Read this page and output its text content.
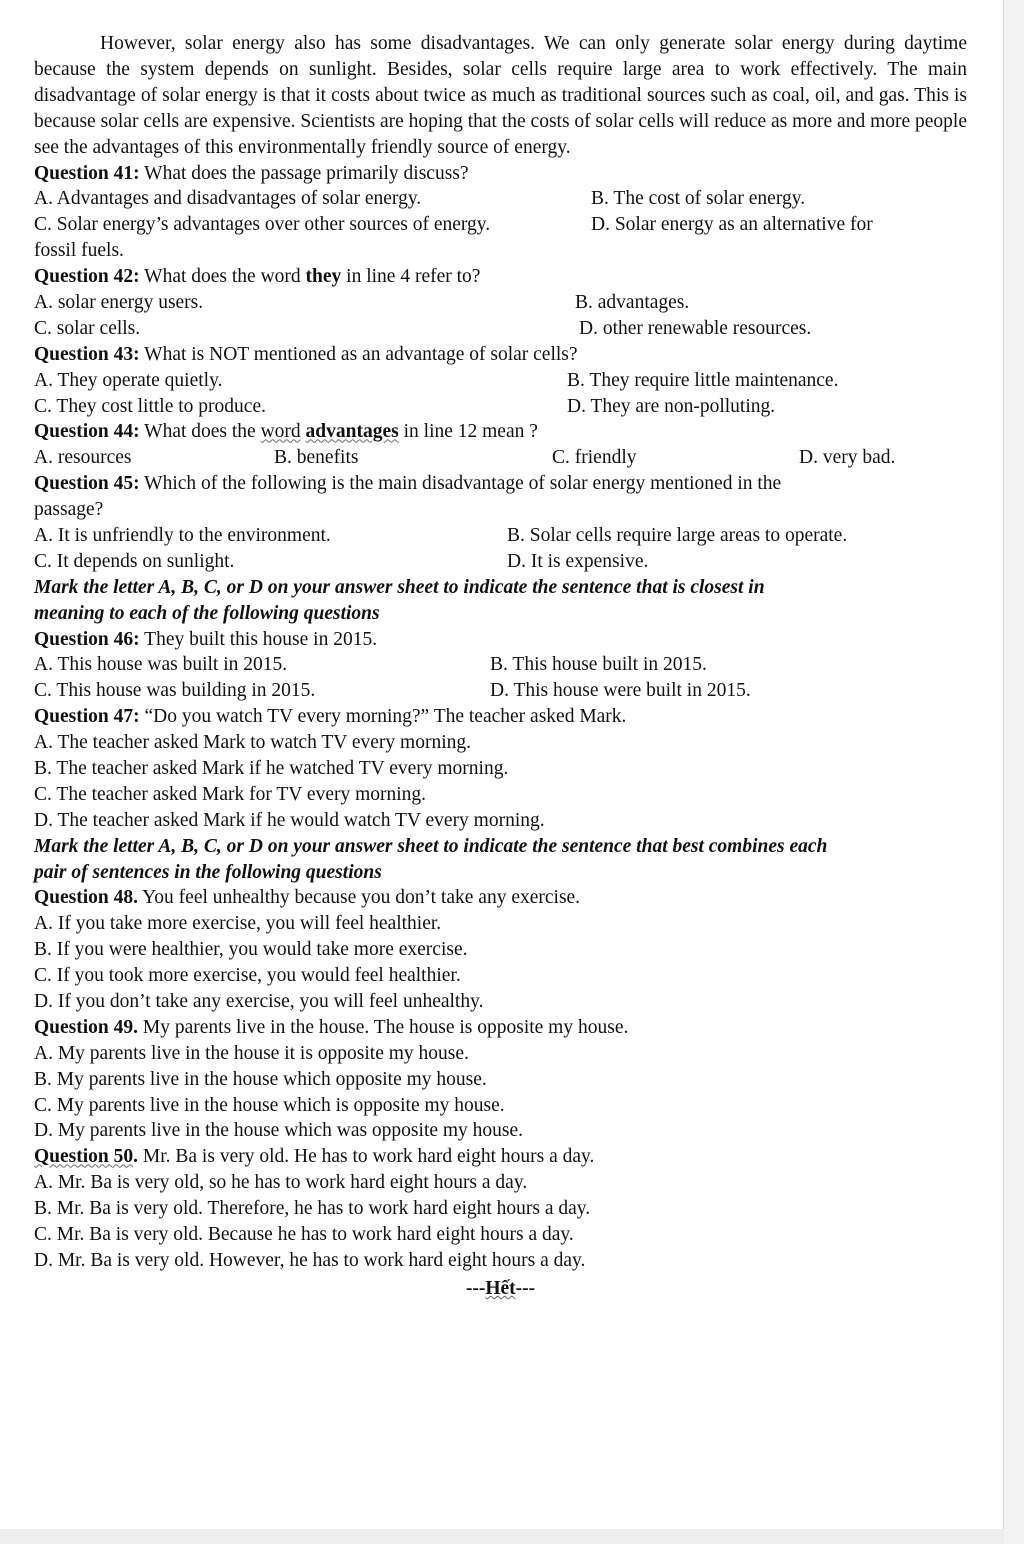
However, solar energy also has some disadvantages. We can only generate solar energy during daytime because the system depends on sunlight. Besides, solar cells require large area to work effectively. The main disadvantage of solar energy is that it costs about twice as much as traditional sources such as coal, oil, and gas. This is because solar cells are expensive. Scientists are hoping that the costs of solar cells will reduce as more and more people see the advantages of this environmentally friendly source of energy.

Question 41: What does the passage primarily discuss?
A. Advantages and disadvantages of solar energy.	B. The cost of solar energy.
C. Solar energy’s advantages over other sources of energy.	D. Solar energy as an alternative for
fossil fuels.
Question 42: What does the word they in line 4 refer to?
A. solar energy users.	B. advantages.
C. solar cells.	D. other renewable resources.
Question 43: What is NOT mentioned as an advantage of solar cells?
A. They operate quietly.	B. They require little maintenance.
C. They cost little to produce.	D. They are non-polluting.
Question 44: What does the word advantages in line 12 mean ?
A. resources	B. benefits	C. friendly	D. very bad.
Question 45: Which of the following is the main disadvantage of solar energy mentioned in the
passage?
A. It is unfriendly to the environment.	B. Solar cells require large areas to operate.
C. It depends on sunlight.	D. It is expensive.
Mark the letter A, B, C, or D on your answer sheet to indicate the sentence that is closest in
meaning to each of the following questions
Question 46: They built this house in 2015.
A. This house was built in 2015.	B. This house built in 2015.
C. This house was building in 2015.	D. This house were built in 2015.
Question 47: “Do you watch TV every morning?” The teacher asked Mark.
A. The teacher asked Mark to watch TV every morning.
B. The teacher asked Mark if he watched TV every morning.
C. The teacher asked Mark for TV every morning.
D. The teacher asked Mark if he would watch TV every morning.
Mark the letter A, B, C, or D on your answer sheet to indicate the sentence that best combines each
pair of sentences in the following questions
Question 48. You feel unhealthy because you don’t take any exercise.
A. If you take more exercise, you will feel healthier.
B. If you were healthier, you would take more exercise.
C. If you took more exercise, you would feel healthier.
D. If you don’t take any exercise, you will feel unhealthy.
Question 49. My parents live in the house. The house is opposite my house.
A. My parents live in the house it is opposite my house.
B. My parents live in the house which opposite my house.
C. My parents live in the house which is opposite my house.
D. My parents live in the house which was opposite my house.
Question 50. Mr. Ba is very old. He has to work hard eight hours a day.
A. Mr. Ba is very old, so he has to work hard eight hours a day.
B. Mr. Ba is very old. Therefore, he has to work hard eight hours a day.
C. Mr. Ba is very old. Because he has to work hard eight hours a day.
D. Mr. Ba is very old. However, he has to work hard eight hours a day.
---Hết---
